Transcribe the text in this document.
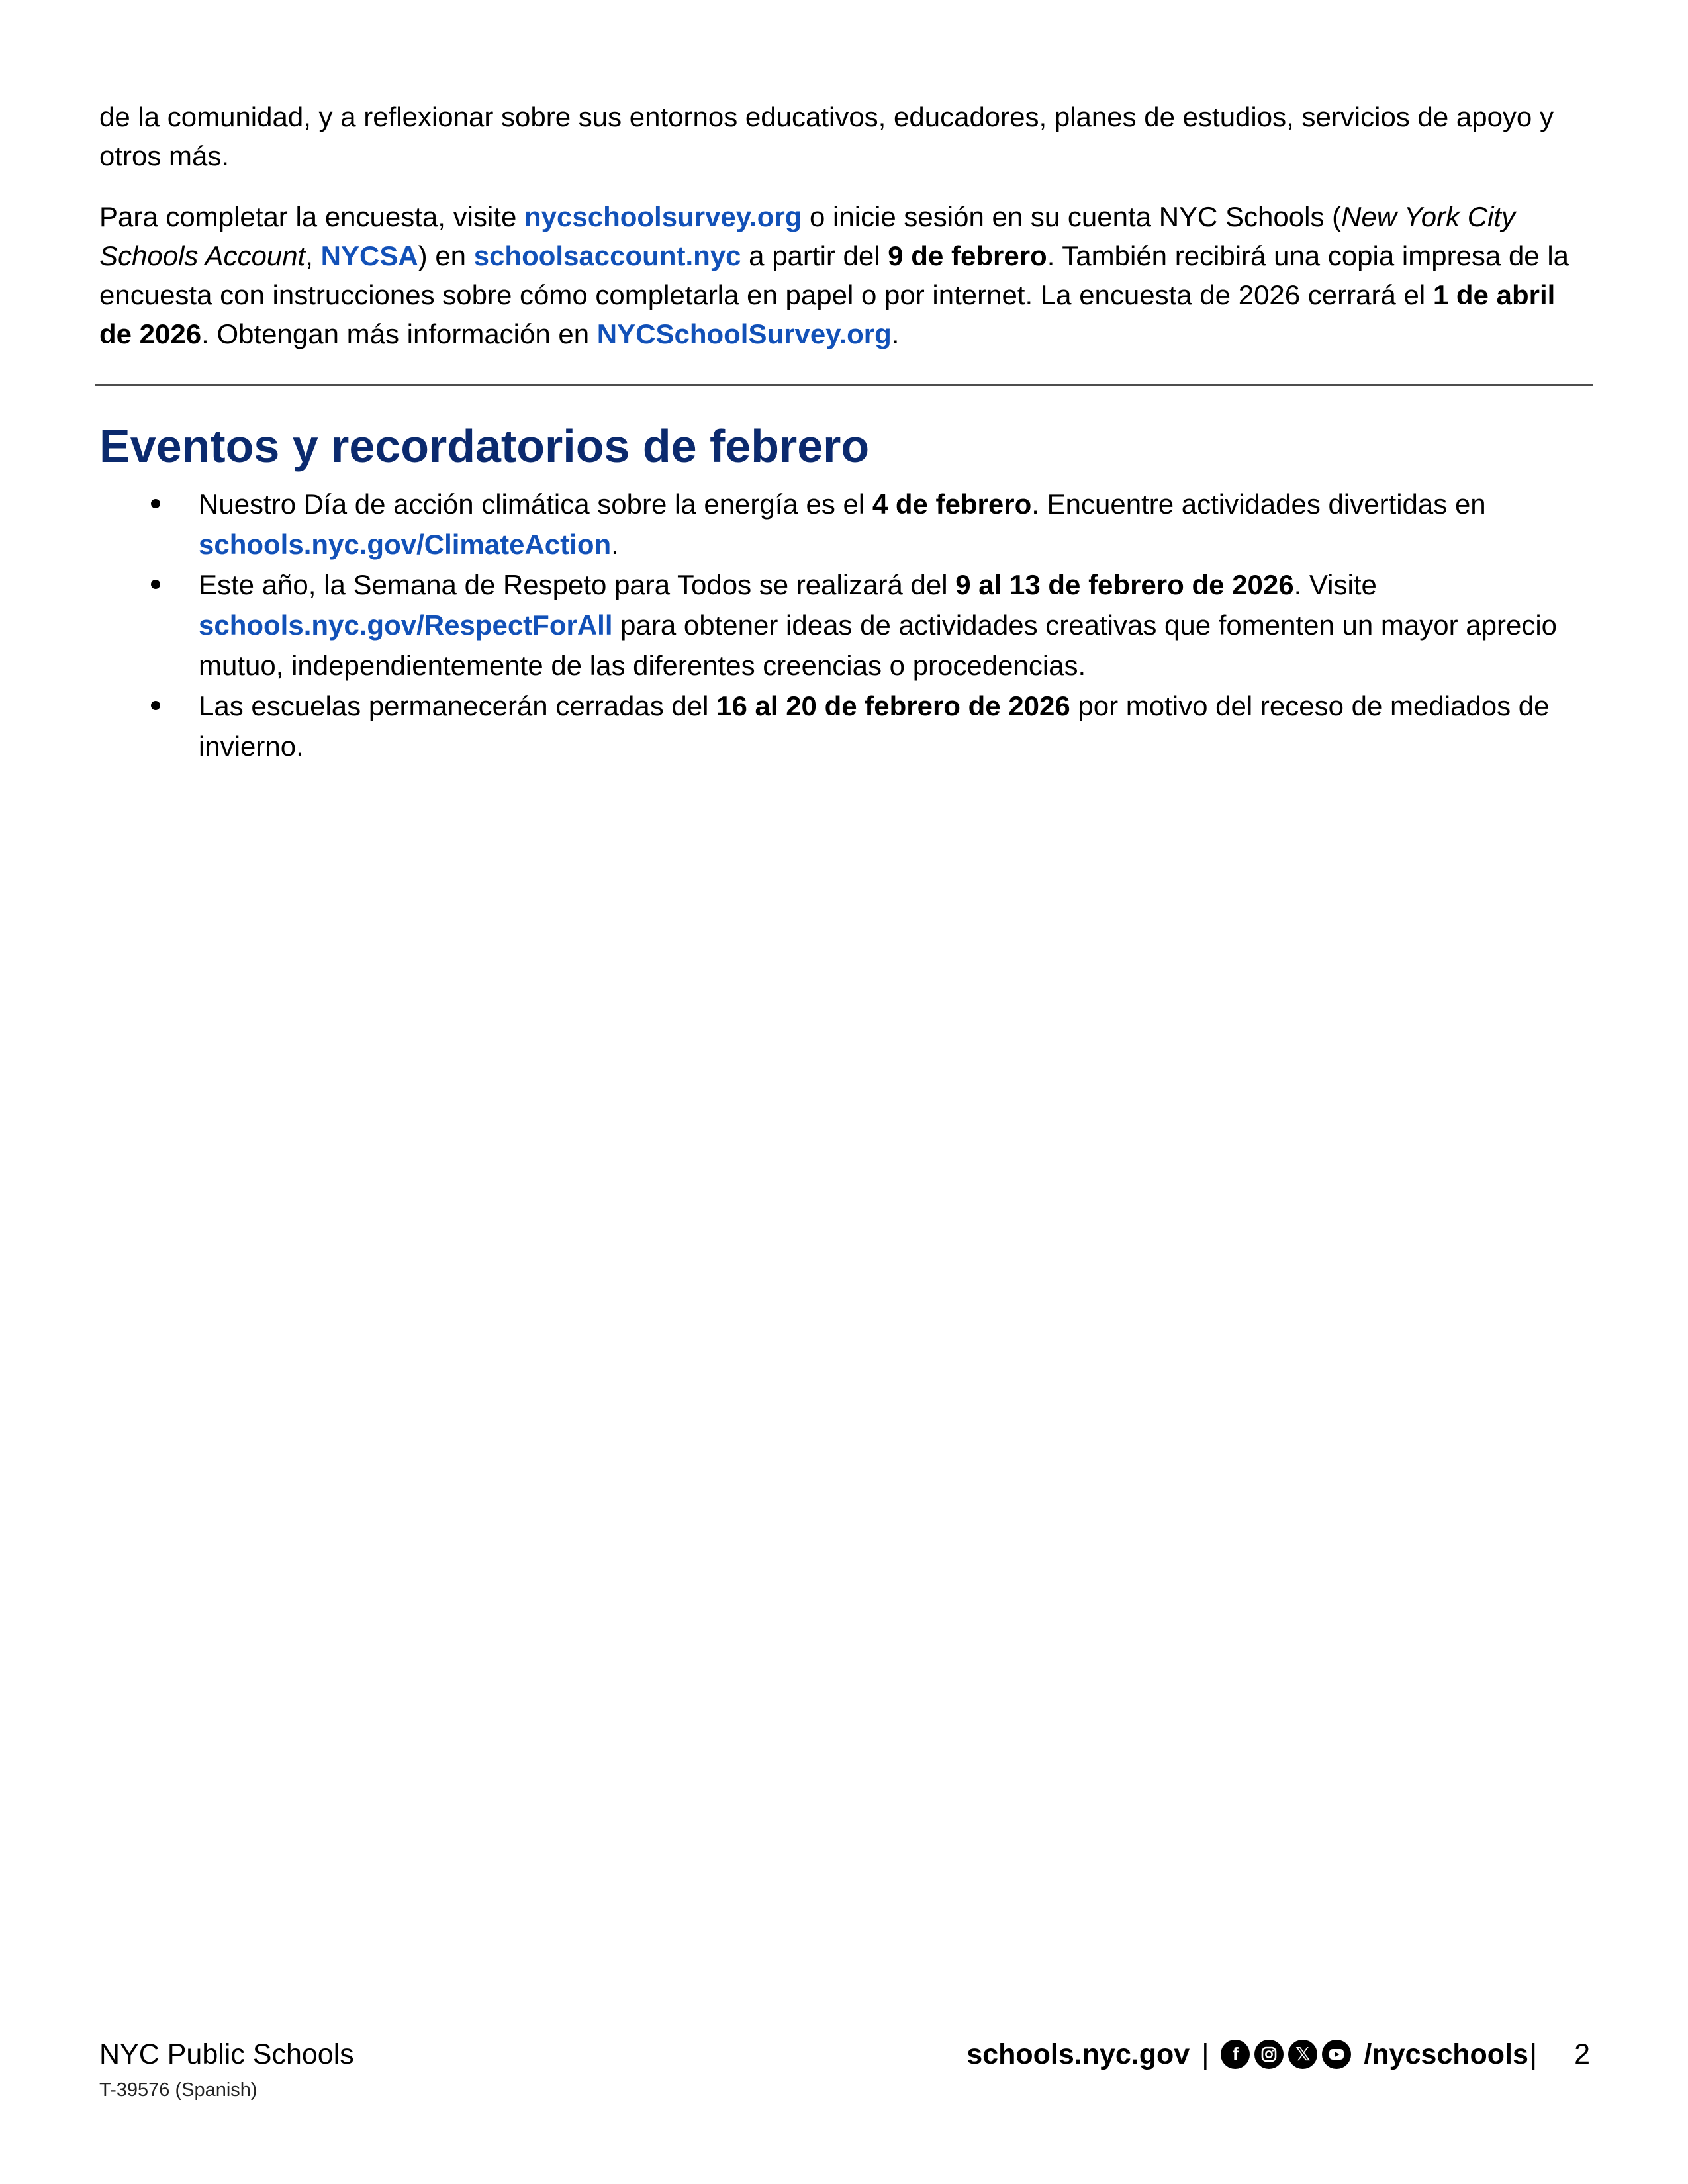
de la comunidad, y a reflexionar sobre sus entornos educativos, educadores, planes de estudios, servicios de apoyo y otros más.

Para completar la encuesta, visite nycschoolsurvey.org o inicie sesión en su cuenta NYC Schools (New York City Schools Account, NYCSA) en schoolsaccount.nyc a partir del 9 de febrero. También recibirá una copia impresa de la encuesta con instrucciones sobre cómo completarla en papel o por internet. La encuesta de 2026 cerrará el 1 de abril de 2026. Obtengan más información en NYCSchoolSurvey.org.

Eventos y recordatorios de febrero
Nuestro Día de acción climática sobre la energía es el 4 de febrero. Encuentre actividades divertidas en schools.nyc.gov/ClimateAction.
Este año, la Semana de Respeto para Todos se realizará del 9 al 13 de febrero de 2026. Visite schools.nyc.gov/RespectForAll para obtener ideas de actividades creativas que fomenten un mayor aprecio mutuo, independientemente de las diferentes creencias o procedencias.
Las escuelas permanecerán cerradas del 16 al 20 de febrero de 2026 por motivo del receso de mediados de invierno.
NYC Public Schools
T-39576 (Spanish)
schools.nyc.gov |	f	𝕏 /nycschools | 2
